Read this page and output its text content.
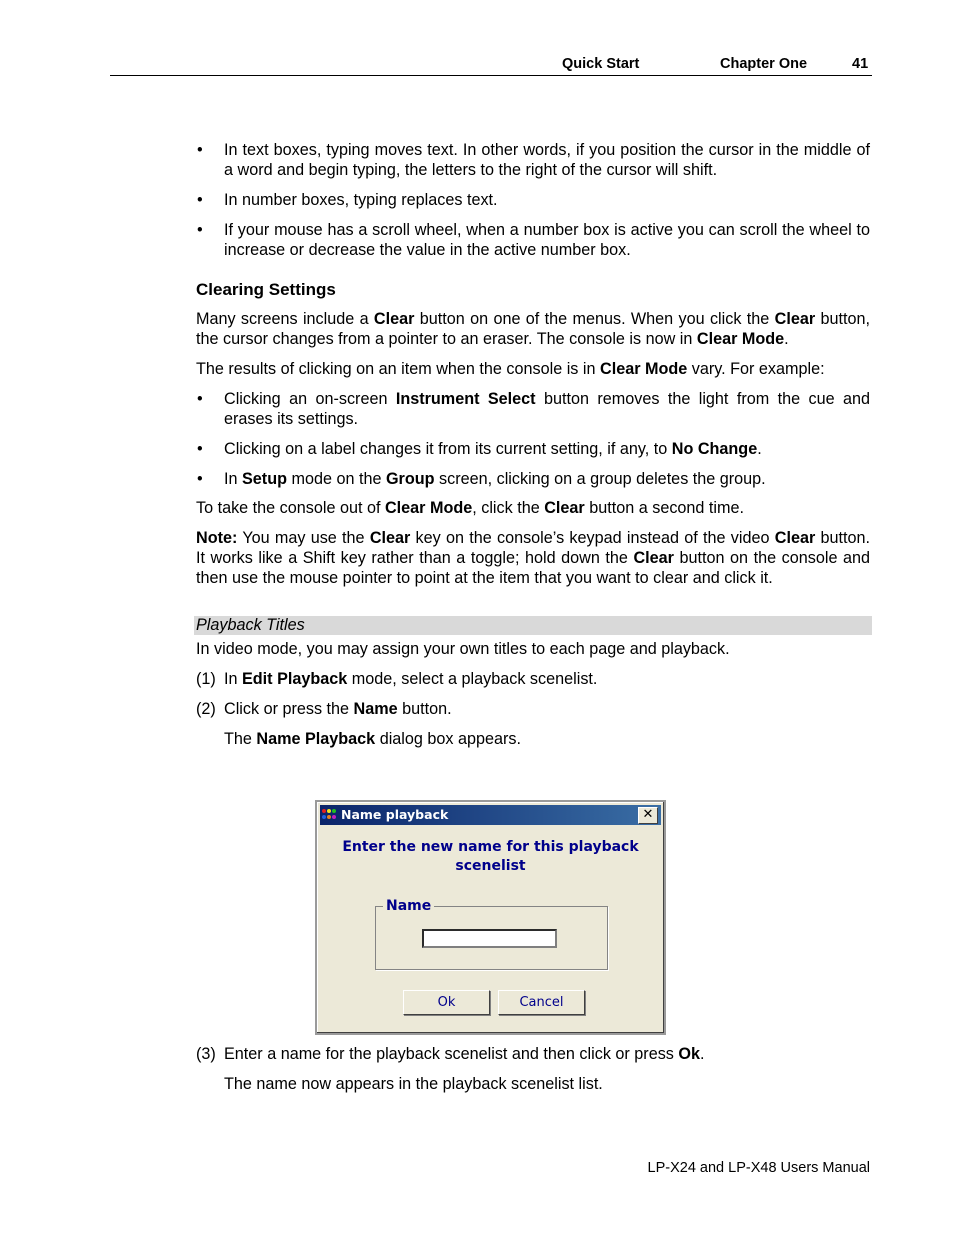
Quick Start	Chapter One	41
• In text boxes, typing moves text. In other words, if you position the cursor in the middle of a word and begin typing, the letters to the right of the cursor will shift.
• In number boxes, typing replaces text.
• If your mouse has a scroll wheel, when a number box is active you can scroll the wheel to increase or decrease the value in the active number box.
Clearing Settings

Many screens include a Clear button on one of the menus. When you click the Clear button, the cursor changes from a pointer to an eraser. The console is now in Clear Mode.

The results of clicking on an item when the console is in Clear Mode vary. For example:

• Clicking an on-screen Instrument Select button removes the light from the cue and erases its settings.
• Clicking on a label changes it from its current setting, if any, to No Change.
• In Setup mode on the Group screen, clicking on a group deletes the group.

To take the console out of Clear Mode, click the Clear button a second time.

Note: You may use the Clear key on the console’s keypad instead of the video Clear button. It works like a Shift key rather than a toggle; hold down the Clear button on the console and then use the mouse pointer to point at the item that you want to clear and click it.

Playback Titles

In video mode, you may assign your own titles to each page and playback.

(1) In Edit Playback mode, select a playback scenelist.
(2) Click or press the Name button.
The Name Playback dialog box appears.
Name playback	✕
Enter the new name for this playback
scenelist
Name
Ok	Cancel
(3) Enter a name for the playback scenelist and then click or press Ok.
The name now appears in the playback scenelist list.
LP-X24 and LP-X48 Users Manual
